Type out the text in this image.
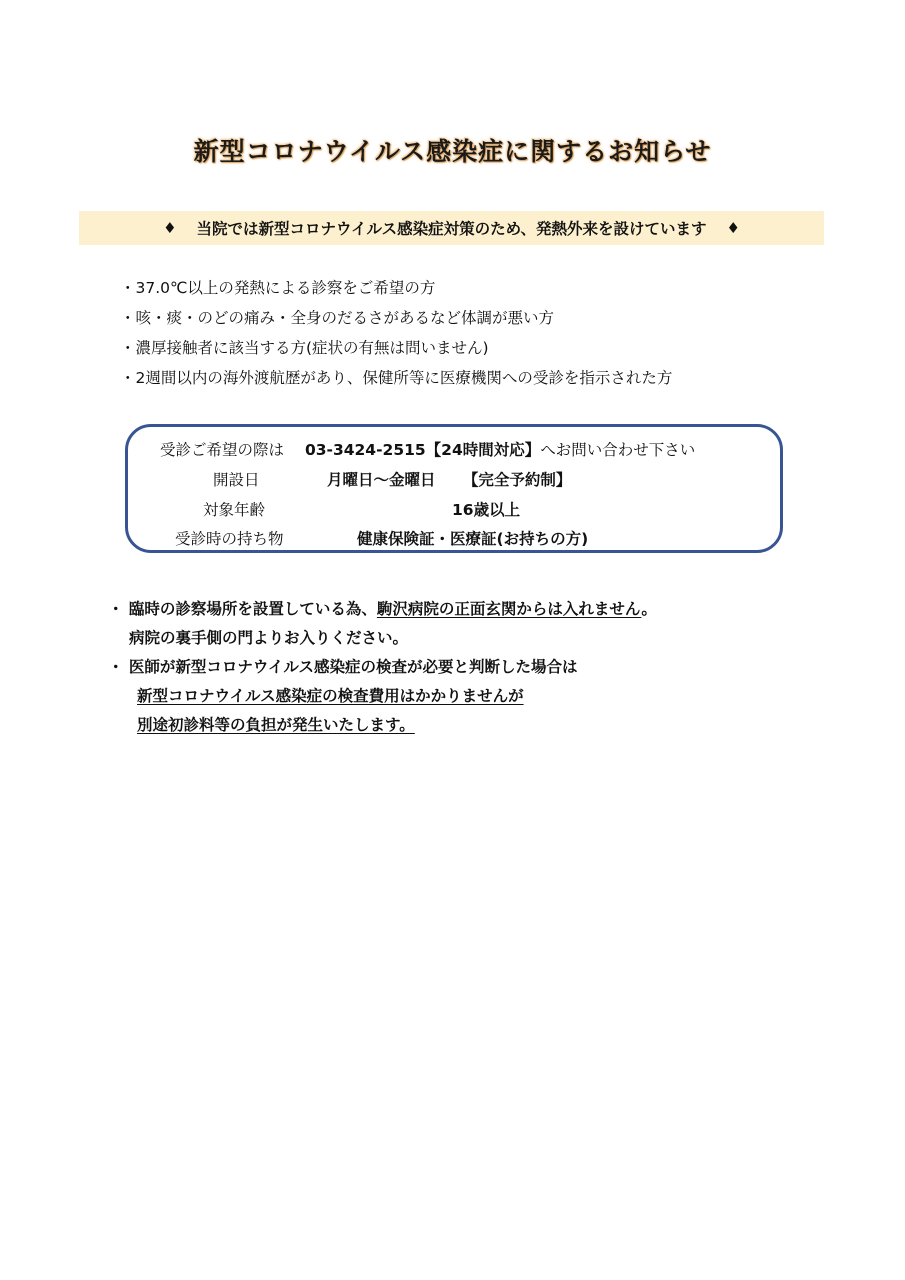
新型コロナウイルス感染症に関するお知らせ
♦ 当院では新型コロナウイルス感染症対策のため、発熱外来を設けています ♦
・37.0℃以上の発熱による診察をご希望の方
・咳・痰・のどの痛み・全身のだるさがあるなど体調が悪い方
・濃厚接触者に該当する方(症状の有無は問いません)
・2週間以内の海外渡航歴があり、保健所等に医療機関への受診を指示された方
受診ご希望の際は 03-3424-2515【24時間対応】へお問い合わせ下さい
開設日	月曜日～金曜日 【完全予約制】
対象年齢	16歳以上
受診時の持ち物	健康保険証・医療証(お持ちの方)
・ 臨時の診察場所を設置している為、駒沢病院の正面玄関からは入れません。
病院の裏手側の門よりお入りください。
・ 医師が新型コロナウイルス感染症の検査が必要と判断した場合は
新型コロナウイルス感染症の検査費用はかかりませんが
別途初診料等の負担が発生いたします。
